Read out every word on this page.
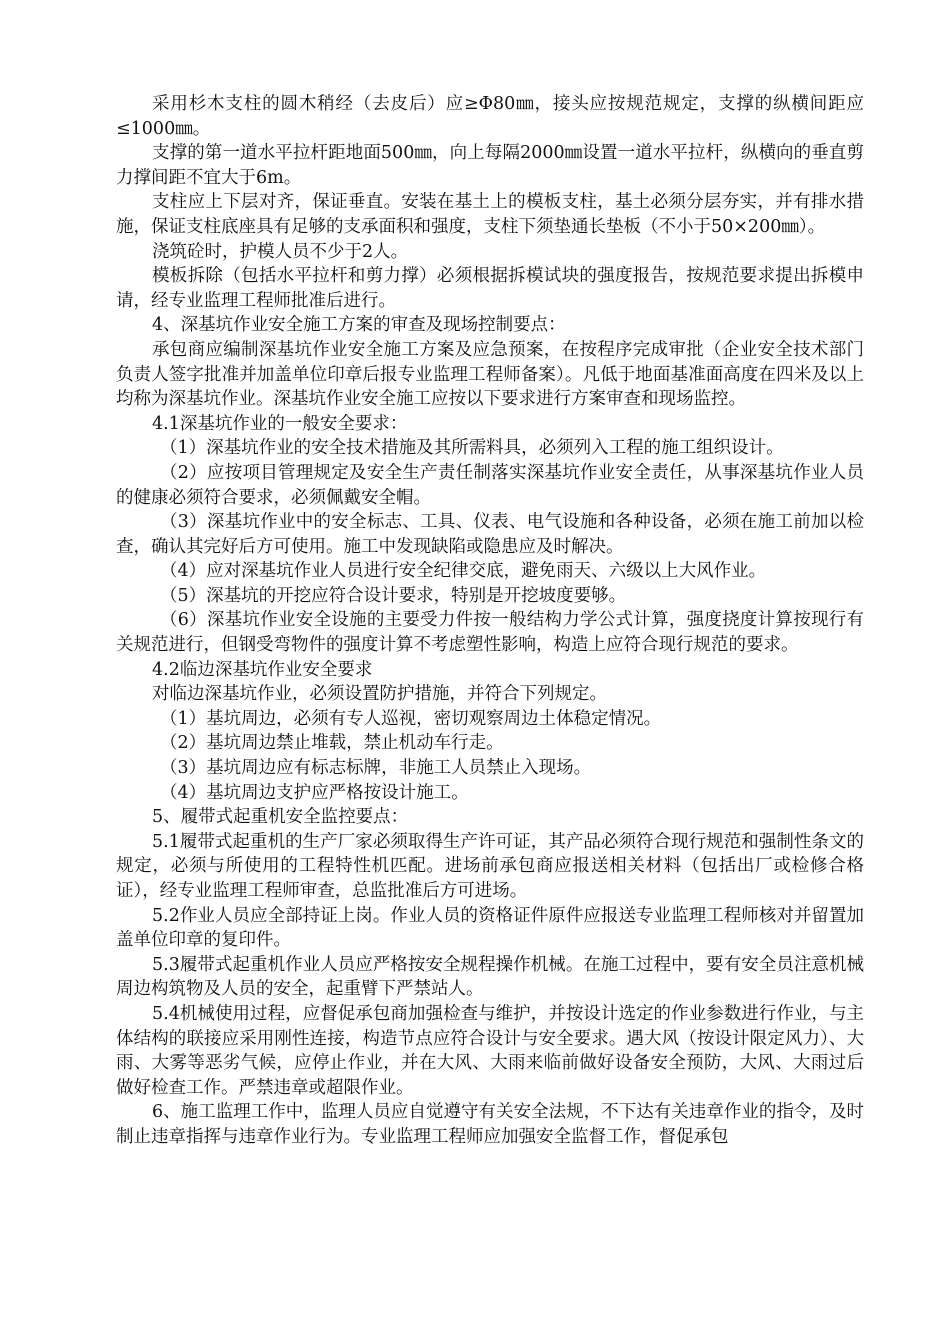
采用杉木支柱的圆木稍经（去皮后）应≥Φ80㎜，接头应按规范规定，支撑的纵横间距应≤1000㎜。

支撑的第一道水平拉杆距地面500㎜，向上每隔2000㎜设置一道水平拉杆，纵横向的垂直剪力撑间距不宜大于6m。

支柱应上下层对齐，保证垂直。安装在基土上的模板支柱，基土必须分层夯实，并有排水措施，保证支柱底座具有足够的支承面积和强度，支柱下须垫通长垫板（不小于50×200㎜）。

浇筑砼时，护模人员不少于2人。

模板拆除（包括水平拉杆和剪力撑）必须根据拆模试块的强度报告，按规范要求提出拆模申请，经专业监理工程师批准后进行。

4、深基坑作业安全施工方案的审查及现场控制要点：

承包商应编制深基坑作业安全施工方案及应急预案，在按程序完成审批（企业安全技术部门负责人签字批准并加盖单位印章后报专业监理工程师备案）。凡低于地面基准面高度在四米及以上均称为深基坑作业。深基坑作业安全施工应按以下要求进行方案审查和现场监控。

4.1深基坑作业的一般安全要求：

（1）深基坑作业的安全技术措施及其所需料具，必须列入工程的施工组织设计。

（2）应按项目管理规定及安全生产责任制落实深基坑作业安全责任，从事深基坑作业人员的健康必须符合要求，必须佩戴安全帽。

（3）深基坑作业中的安全标志、工具、仪表、电气设施和各种设备，必须在施工前加以检查，确认其完好后方可使用。施工中发现缺陷或隐患应及时解决。

（4）应对深基坑作业人员进行安全纪律交底，避免雨天、六级以上大风作业。

（5）深基坑的开挖应符合设计要求，特别是开挖坡度要够。

（6）深基坑作业安全设施的主要受力件按一般结构力学公式计算，强度挠度计算按现行有关规范进行，但钢受弯物件的强度计算不考虑塑性影响，构造上应符合现行规范的要求。

4.2临边深基坑作业安全要求

对临边深基坑作业，必须设置防护措施，并符合下列规定。

（1）基坑周边，必须有专人巡视，密切观察周边土体稳定情况。

（2）基坑周边禁止堆载，禁止机动车行走。

（3）基坑周边应有标志标牌，非施工人员禁止入现场。

（4）基坑周边支护应严格按设计施工。

5、履带式起重机安全监控要点：

5.1履带式起重机的生产厂家必须取得生产许可证，其产品必须符合现行规范和强制性条文的规定，必须与所使用的工程特性机匹配。进场前承包商应报送相关材料（包括出厂或检修合格证），经专业监理工程师审查，总监批准后方可进场。

5.2作业人员应全部持证上岗。作业人员的资格证件原件应报送专业监理工程师核对并留置加盖单位印章的复印件。

5.3履带式起重机作业人员应严格按安全规程操作机械。在施工过程中，要有安全员注意机械周边构筑物及人员的安全，起重臂下严禁站人。

5.4机械使用过程，应督促承包商加强检查与维护，并按设计选定的作业参数进行作业，与主体结构的联接应采用刚性连接，构造节点应符合设计与安全要求。遇大风（按设计限定风力）、大雨、大雾等恶劣气候，应停止作业，并在大风、大雨来临前做好设备安全预防，大风、大雨过后做好检查工作。严禁违章或超限作业。

6、施工监理工作中，监理人员应自觉遵守有关安全法规，不下达有关违章作业的指令，及时制止违章指挥与违章作业行为。专业监理工程师应加强安全监督工作，督促承包
